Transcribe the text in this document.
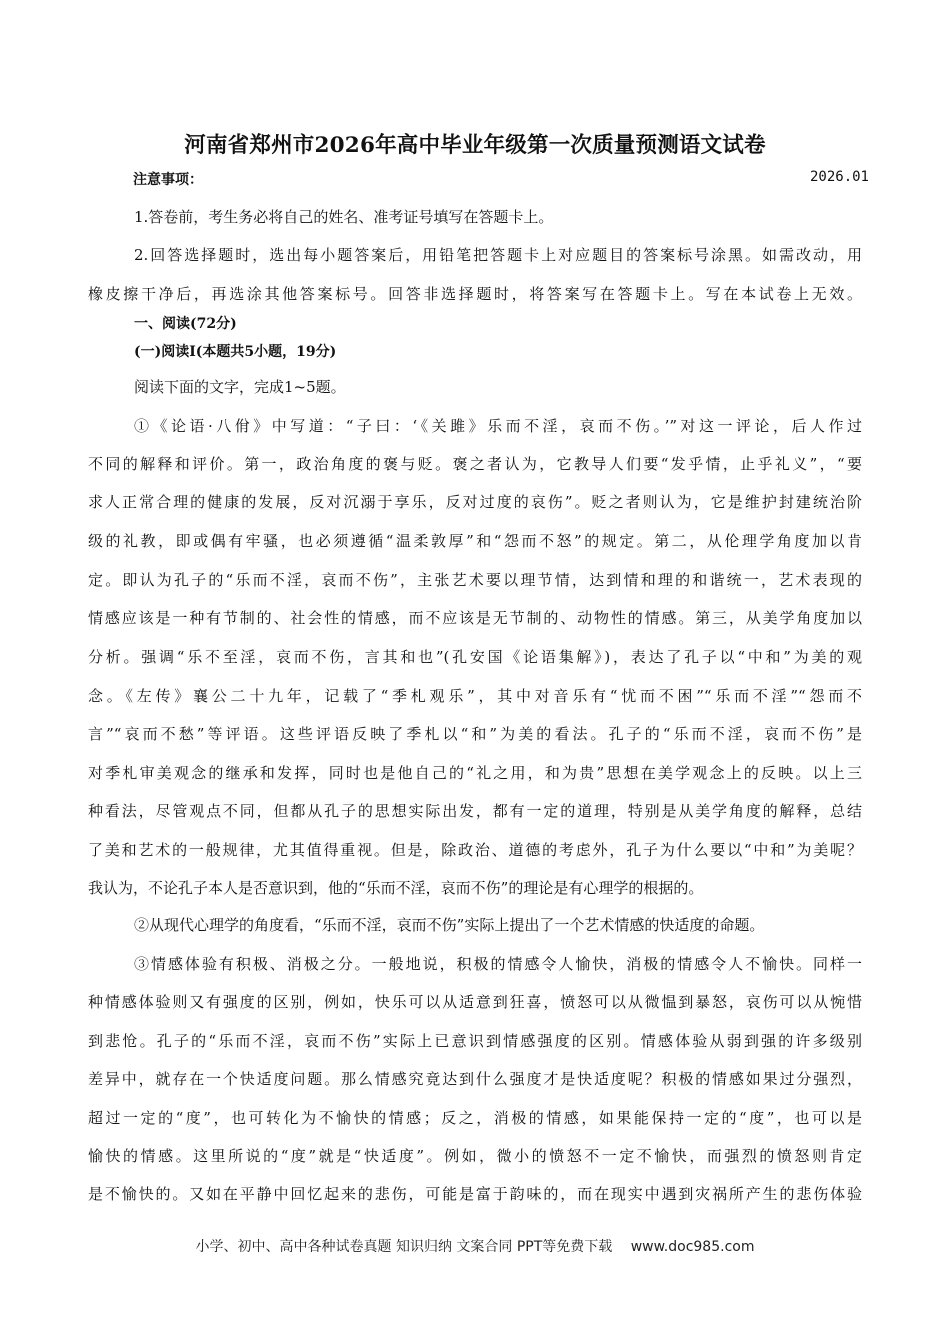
河南省郑州市2026年高中毕业年级第一次质量预测语文试卷
注意事项：	2026.01
1.答卷前，考生务必将自己的姓名、准考证号填写在答题卡上。
2.回答选择题时，选出每小题答案后，用铅笔把答题卡上对应题目的答案标号涂黑。如需改动，用
橡皮擦干净后，再选涂其他答案标号。回答非选择题时，将答案写在答题卡上。写在本试卷上无效。
一、阅读(72分)
(一)阅读Ⅰ(本题共5小题，19分)
阅读下面的文字，完成1~5题。
①《论语·八佾》中写道：“子曰：‘《关雎》乐而不淫，哀而不伤。’”对这一评论，后人作过
不同的解释和评价。第一，政治角度的褒与贬。褒之者认为，它教导人们要“发乎情，止乎礼义”，“要
求人正常合理的健康的发展，反对沉溺于享乐，反对过度的哀伤”。贬之者则认为，它是维护封建统治阶
级的礼教，即或偶有牢骚，也必须遵循“温柔敦厚”和“怨而不怒”的规定。第二，从伦理学角度加以肯
定。即认为孔子的“乐而不淫，哀而不伤”，主张艺术要以理节情，达到情和理的和谐统一，艺术表现的
情感应该是一种有节制的、社会性的情感，而不应该是无节制的、动物性的情感。第三，从美学角度加以
分析。强调“乐不至淫，哀而不伤，言其和也”(孔安国《论语集解》)，表达了孔子以“中和”为美的观
念。《左传》襄公二十九年，记载了“季札观乐”，其中对音乐有“忧而不困”“乐而不淫”“怨而不
言”“哀而不愁”等评语。这些评语反映了季札以“和”为美的看法。孔子的“乐而不淫，哀而不伤”是
对季札审美观念的继承和发挥，同时也是他自己的“礼之用，和为贵”思想在美学观念上的反映。以上三
种看法，尽管观点不同，但都从孔子的思想实际出发，都有一定的道理，特别是从美学角度的解释，总结
了美和艺术的一般规律，尤其值得重视。但是，除政治、道德的考虑外，孔子为什么要以“中和”为美呢？
我认为，不论孔子本人是否意识到，他的“乐而不淫，哀而不伤”的理论是有心理学的根据的。
②从现代心理学的角度看，“乐而不淫，哀而不伤”实际上提出了一个艺术情感的快适度的命题。
③情感体验有积极、消极之分。一般地说，积极的情感令人愉快，消极的情感令人不愉快。同样一
种情感体验则又有强度的区别，例如，快乐可以从适意到狂喜，愤怒可以从微愠到暴怒，哀伤可以从惋惜
到悲怆。孔子的“乐而不淫，哀而不伤”实际上已意识到情感强度的区别。情感体验从弱到强的许多级别
差异中，就存在一个快适度问题。那么情感究竟达到什么强度才是快适度呢？积极的情感如果过分强烈，
超过一定的“度”，也可转化为不愉快的情感；反之，消极的情感，如果能保持一定的“度”，也可以是
愉快的情感。这里所说的“度”就是“快适度”。例如，微小的愤怒不一定不愉快，而强烈的愤怒则肯定
是不愉快的。又如在平静中回忆起来的悲伤，可能是富于韵味的，而在现实中遇到灾祸所产生的悲伤体验
小学、初中、高中各种试卷真题 知识归纳 文案合同 PPT等免费下载　 www.doc985.com
